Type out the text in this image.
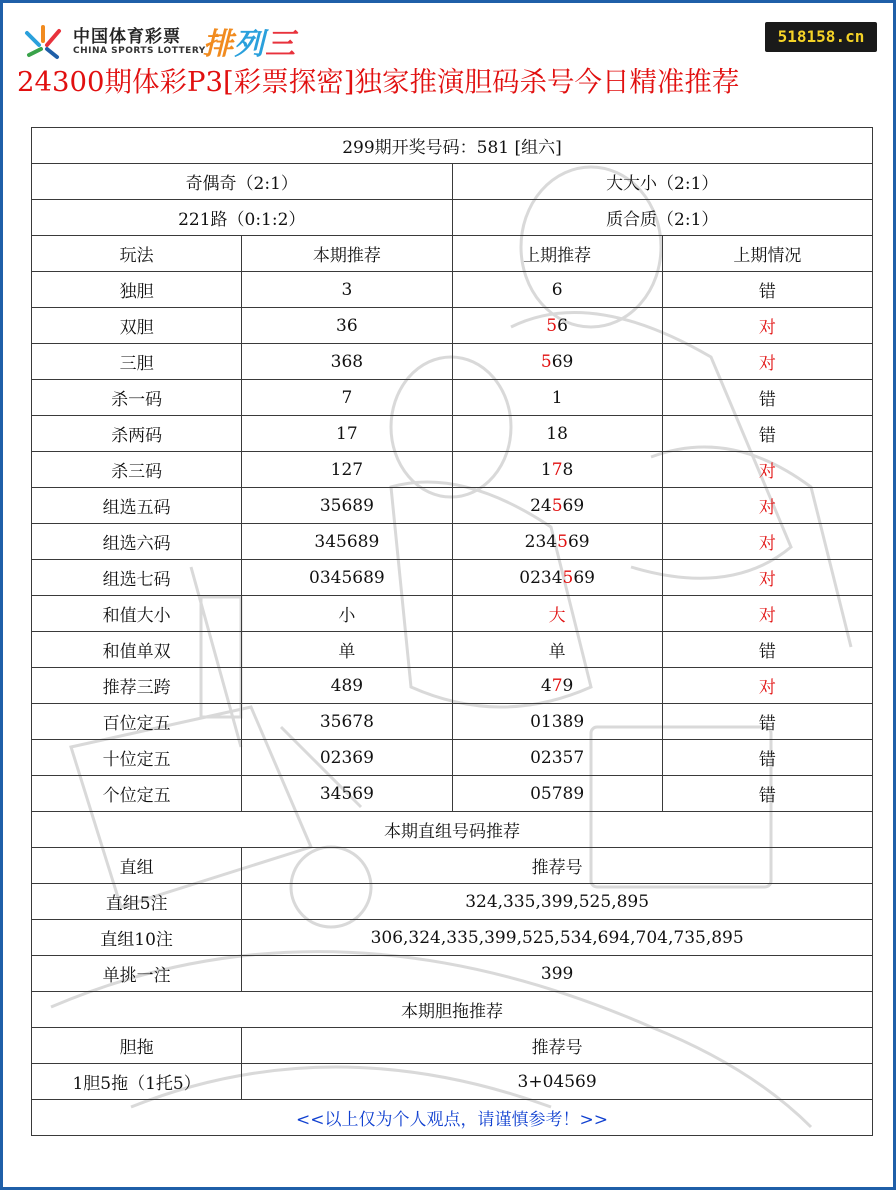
中国体育彩票
CHINA SPORTS LOTTERY
排列三	518158.cn
24300期体彩P3[彩票探密]独家推演胆码杀号今日精准推荐
299期开奖号码：581 [组六]			
奇偶奇（2:1）		大大小（2:1）	
221路（0:1:2）		质合质（2:1）	
玩法	本期推荐	上期推荐	上期情况
独胆	3	6	错
双胆	36	56	对
三胆	368	569	对
杀一码	7	1	错
杀两码	17	18	错
杀三码	127	178	对
组选五码	35689	24569	对
组选六码	345689	234569	对
组选七码	0345689	0234569	对
和值大小	小	大	对
和值单双	单	单	错
推荐三跨	489	479	对
百位定五	35678	01389	错
十位定五	02369	02357	错
个位定五	34569	05789	错
本期直组号码推荐			
直组	推荐号		
直组5注	324,335,399,525,895		
直组10注	306,324,335,399,525,534,694,704,735,895		
单挑一注	399		
本期胆拖推荐			
胆拖	推荐号		
1胆5拖（1托5）	3+04569		
<<以上仅为个人观点，请谨慎参考！>>			
